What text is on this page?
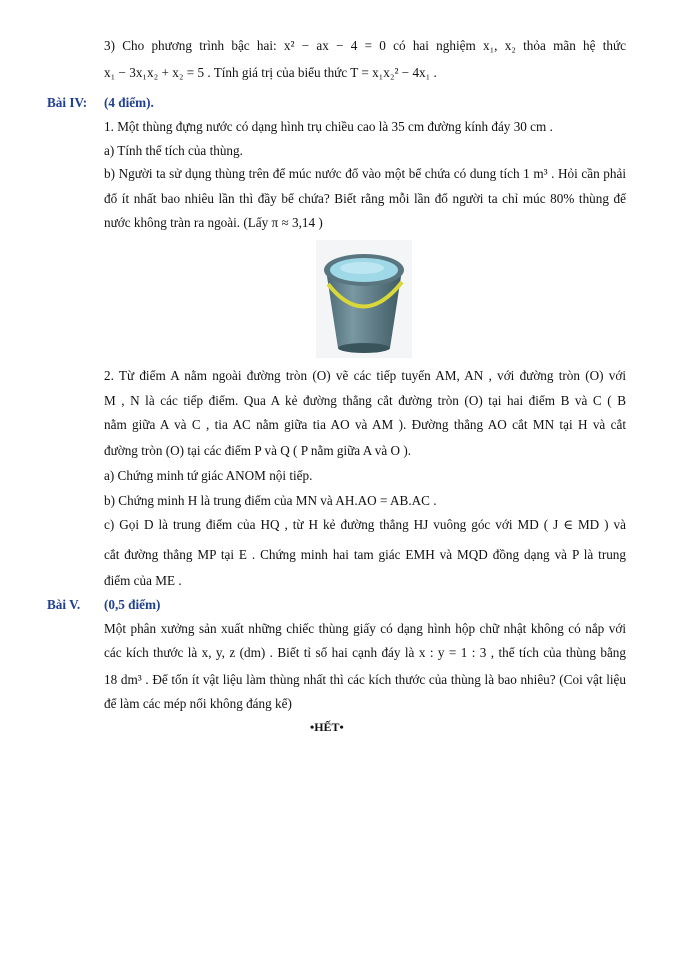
3) Cho phương trình bậc hai: x² − ax − 4 = 0 có hai nghiệm x₁, x₂ thỏa mãn hệ thức
x₁ − 3x₁x₂ + x₂ = 5 . Tính giá trị của biểu thức T = x₁x₂² − 4x₁ .
Bài IV: (4 điểm).
1. Một thùng đựng nước có dạng hình trụ chiều cao là 35 cm đường kính đáy 30 cm .
a) Tính thể tích của thùng.
b) Người ta sử dụng thùng trên để múc nước đổ vào một bể chứa có dung tích 1 m³ . Hỏi cần phải
đổ ít nhất bao nhiêu lần thì đầy bể chứa? Biết rằng mỗi lần đổ người ta chỉ múc 80% thùng để
nước không tràn ra ngoài. (Lấy π ≈ 3,14 )
2. Từ điểm A nằm ngoài đường tròn (O) vẽ các tiếp tuyến AM, AN , với đường tròn (O) với
M , N là các tiếp điểm. Qua A kẻ đường thẳng cắt đường tròn (O) tại hai điểm B và C ( B
nằm giữa A và C , tia AC nằm giữa tia AO và AM ). Đường thẳng AO cắt MN tại H và cắt
đường tròn (O) tại các điểm P và Q ( P nằm giữa A và O ).
a) Chứng minh tứ giác ANOM nội tiếp.
b) Chứng minh H là trung điểm của MN và AH.AO = AB.AC .
c) Gọi D là trung điểm của HQ , từ H kẻ đường thẳng HJ vuông góc với MD ( J ∈ MD ) và
cắt đường thẳng MP tại E . Chứng minh hai tam giác EMH và MQD đồng dạng và P là trung
điểm của ME .
Bài V. (0,5 điểm)
Một phân xưởng sản xuất những chiếc thùng giấy có dạng hình hộp chữ nhật không có nắp với
các kích thước là x, y, z (dm) . Biết tỉ số hai cạnh đáy là x : y = 1 : 3 , thể tích của thùng bằng
18 dm³ . Để tốn ít vật liệu làm thùng nhất thì các kích thước của thùng là bao nhiêu? (Coi vật liệu
để làm các mép nối không đáng kể)
•HẾT•
